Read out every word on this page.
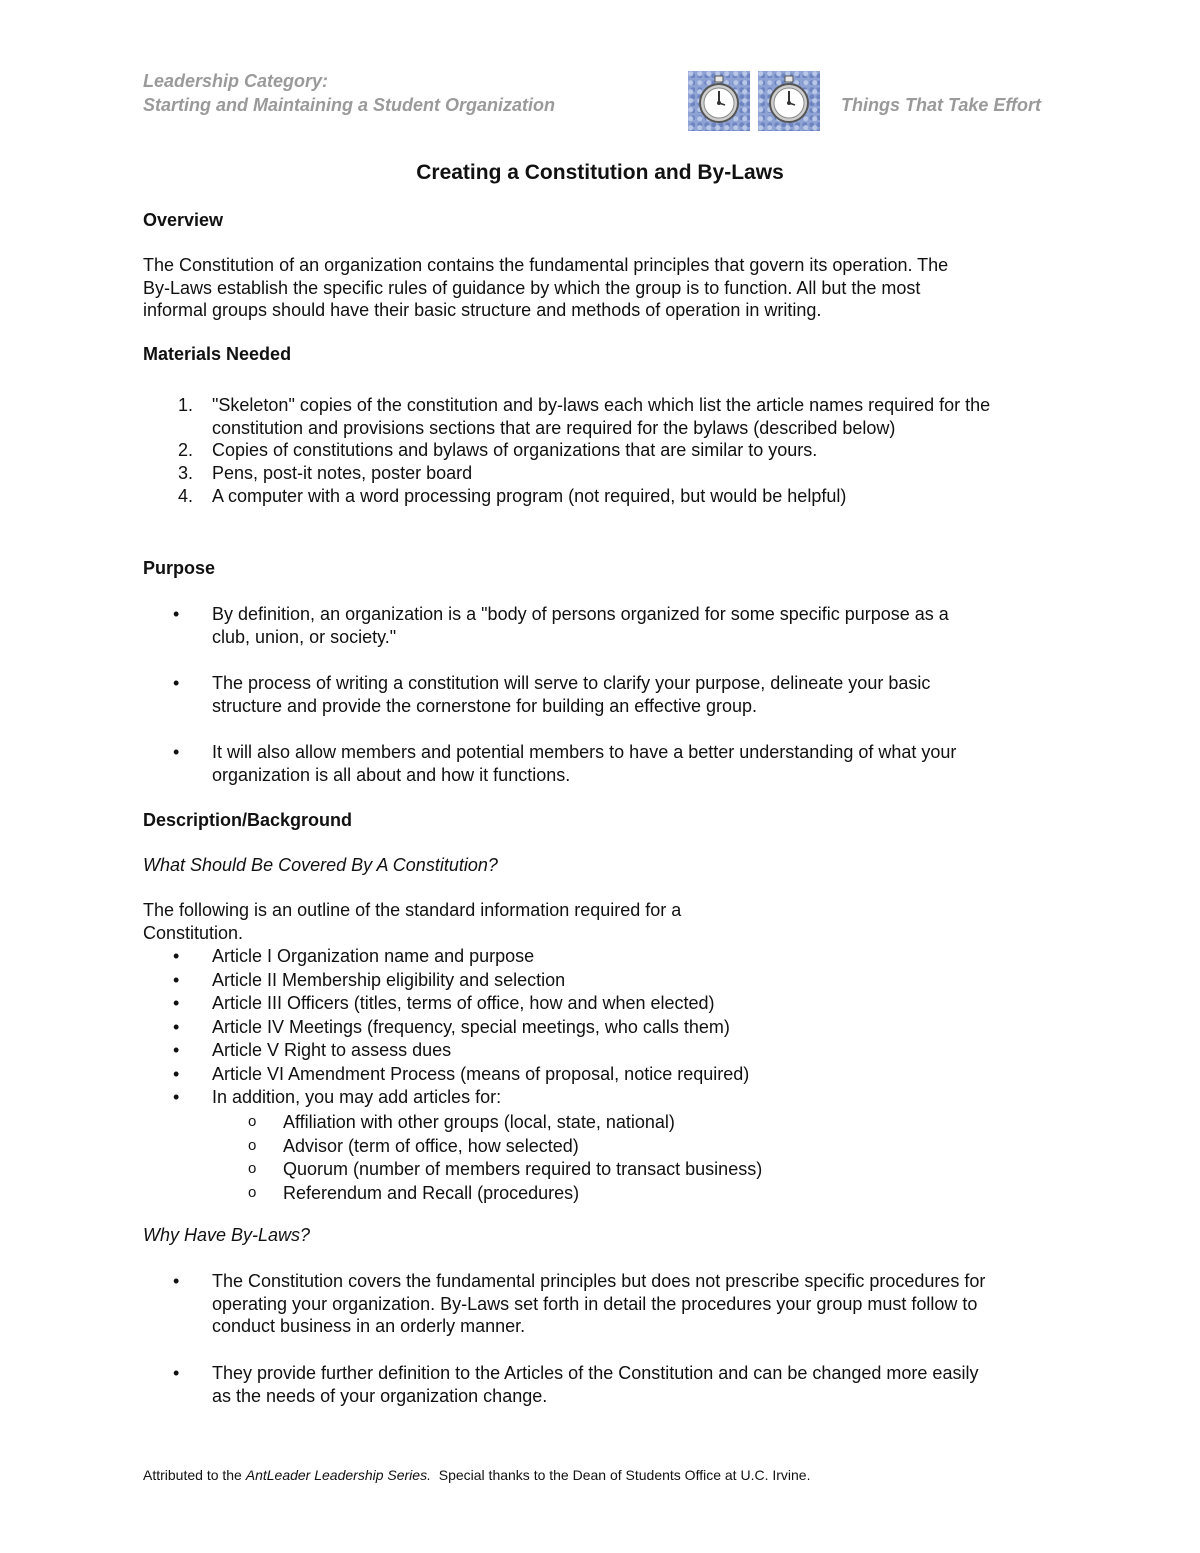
Leadership Category:
Starting and Maintaining a Student Organization	Things That Take Effort
Creating a Constitution and By-Laws
Overview
The Constitution of an organization contains the fundamental principles that govern its operation. The
By-Laws establish the specific rules of guidance by which the group is to function. All but the most
informal groups should have their basic structure and methods of operation in writing.
Materials Needed
1. "Skeleton" copies of the constitution and by-laws each which list the article names required for the
constitution and provisions sections that are required for the bylaws (described below)
2. Copies of constitutions and bylaws of organizations that are similar to yours.
3. Pens, post-it notes, poster board
4. A computer with a word processing program (not required, but would be helpful)
Purpose
• By definition, an organization is a "body of persons organized for some specific purpose as a
club, union, or society."
• The process of writing a constitution will serve to clarify your purpose, delineate your basic
structure and provide the cornerstone for building an effective group.
• It will also allow members and potential members to have a better understanding of what your
organization is all about and how it functions.
Description/Background
What Should Be Covered By A Constitution?
The following is an outline of the standard information required for a
Constitution.
• Article I Organization name and purpose
• Article II Membership eligibility and selection
• Article III Officers (titles, terms of office, how and when elected)
• Article IV Meetings (frequency, special meetings, who calls them)
• Article V Right to assess dues
• Article VI Amendment Process (means of proposal, notice required)
• In addition, you may add articles for:
o Affiliation with other groups (local, state, national)
o Advisor (term of office, how selected)
o Quorum (number of members required to transact business)
o Referendum and Recall (procedures)
Why Have By-Laws?
• The Constitution covers the fundamental principles but does not prescribe specific procedures for
operating your organization. By-Laws set forth in detail the procedures your group must follow to
conduct business in an orderly manner.
• They provide further definition to the Articles of the Constitution and can be changed more easily
as the needs of your organization change.
Attributed to the AntLeader Leadership Series.  Special thanks to the Dean of Students Office at U.C. Irvine.
